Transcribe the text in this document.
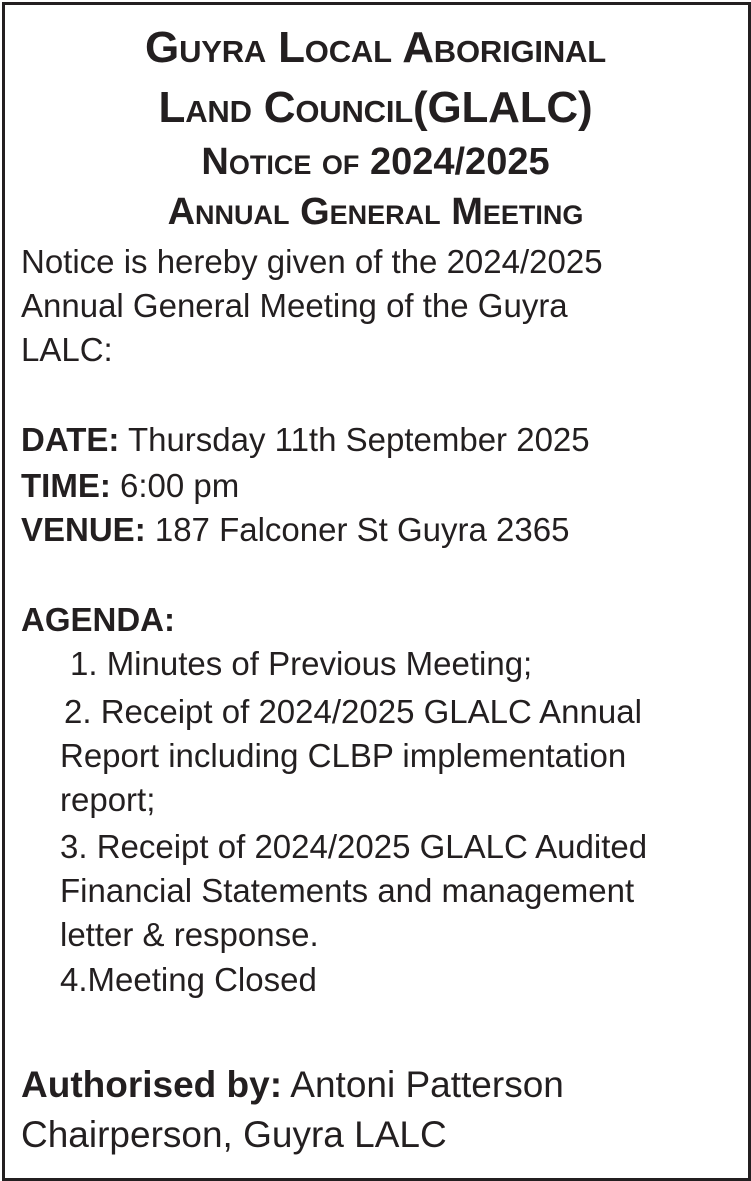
Guyra Local Aboriginal
Land Council(GLALC)
Notice of 2024/2025
Annual General Meeting

Notice is hereby given of the 2024/2025

Annual General Meeting of the Guyra

LALC:

DATE: Thursday 11th September 2025

TIME: 6:00 pm

VENUE: 187 Falconer St Guyra 2365

AGENDA:

1. Minutes of Previous Meeting;

2. Receipt of 2024/2025 GLALC Annual

Report including CLBP implementation

report;

3. Receipt of 2024/2025 GLALC Audited

Financial Statements and management

letter & response.

4.Meeting Closed

Authorised by: Antoni Patterson

Chairperson, Guyra LALC
